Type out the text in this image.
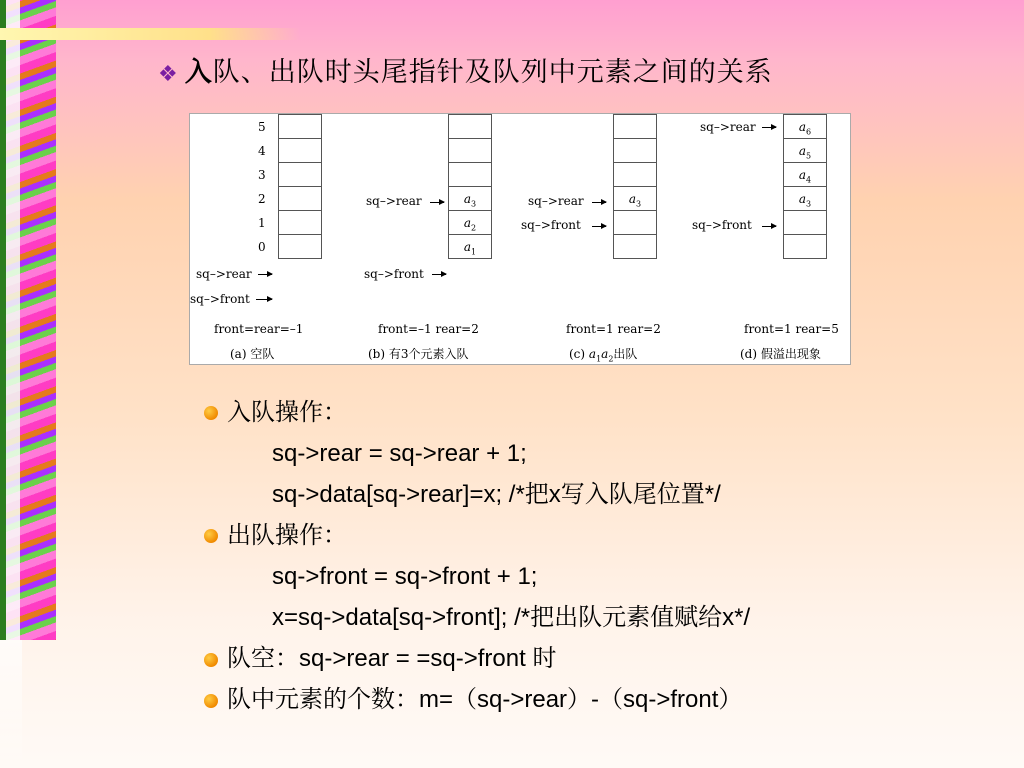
❖ 入队、出队时头尾指针及队列中元素之间的关系
5
4
3
2
1
0
sq–>rear
sq–>front
front=rear=–1
(a) 空队
$a_3$
$a_2$
$a_1$
sq–>rear
sq–>front
front=–1 rear=2
(b) 有3个元素入队
$a_3$
sq–>rear
sq–>front
front=1 rear=2
(c) $a_1a_2$出队
$a_6$
$a_5$
$a_4$
$a_3$
sq–>rear
sq–>front
front=1 rear=5
(d) 假溢出现象
入队操作：
sq->rear = sq->rear + 1;
sq->data[sq->rear]=x; /*把x写入队尾位置*/
出队操作：
sq->front = sq->front + 1;
x=sq->data[sq->front]; /*把出队元素值赋给x*/
队空：sq->rear = =sq->front 时
队中元素的个数：m=（sq->rear）-（sq->front）
